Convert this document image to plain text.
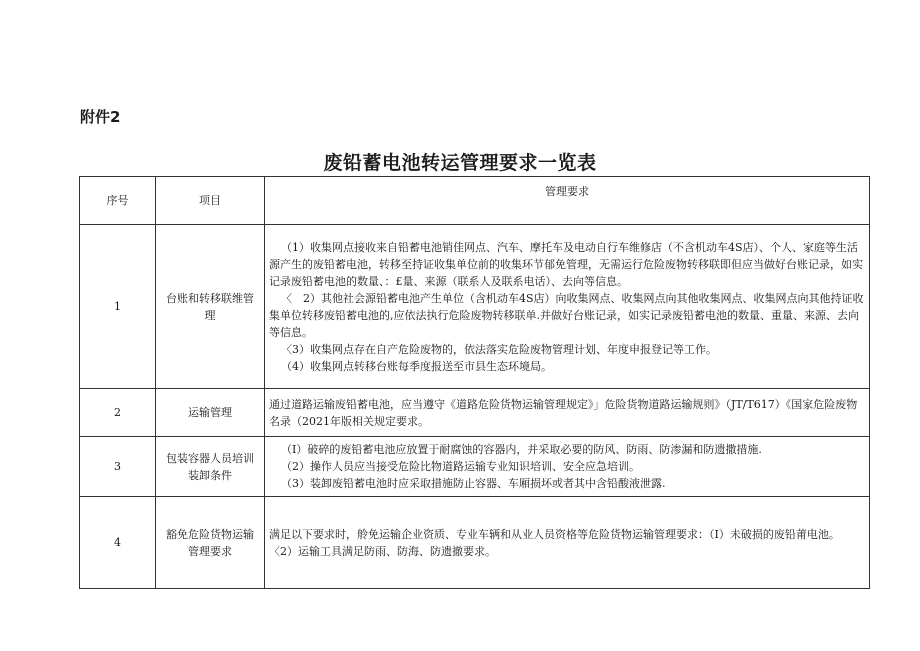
附件2
废铅蓄电池转运管理要求一览表
序号	项目	管理要求
1	台账和转移联维管理	（1）收集网点接收来自铅蓄电池销佳网点、汽车、摩托车及电动自行车维修店（不含机动车4S店）、个人、家庭等生活源产生的废铅蓄电池，转移至持证收集单位前的收集环节郁免管理，无需运行危险废物转移联即但应当做好台账记录，如实记录废铅蓄电池的数量、：£量、来源（联系人及联系电话）、去向等信息。

〈　2）其他社会源铅蓄电池产生单位（含机动车4S店）向收集网点、收集网点向其他收集网点、收集网点向其他持证收集单位转移废铅蓄电池的,应依法执行危险废物转移联单.并做好台账记录，如实记录废铅蓄电池的数量、重量、来源、去向等信息。

〈3）收集网点存在自产危险废物的，依法落实危险废物管理计划、年度申报登记等工作。

（4）收集网点转移台账每季度报送至市县生态环境局。

2	运输管理	通过道路运输废铅蓄电池，应当遵守《道路危险货物运输管理规定》」危险货物道路运输规则》（JT/T617）《国家危险废物名录（2021年版相关规定要求。

3	包装容器人员培训装卸条件	（I）破碎的废铅蓄电池应放置于耐腐蚀的容器内，并采取必要的防风、防雨、防渗漏和防遗撒措施.

（2）操作人员应当接受危险比物道路运输专业知识培训、安全应急培训。

（3）装卸废铅蓄电池时应采取措施防止容器、车厢损坏或者其中含铅酸液泄露.

4	豁免危险货物运输管理要求	满足以下要求时，舲免运输企业资质、专业车辆和从业人员资格等危险货物运输管理要求：（I）未破损的废铅莆电池。

〈2）运输工具满足防雨、防海、防遗撤要求。
